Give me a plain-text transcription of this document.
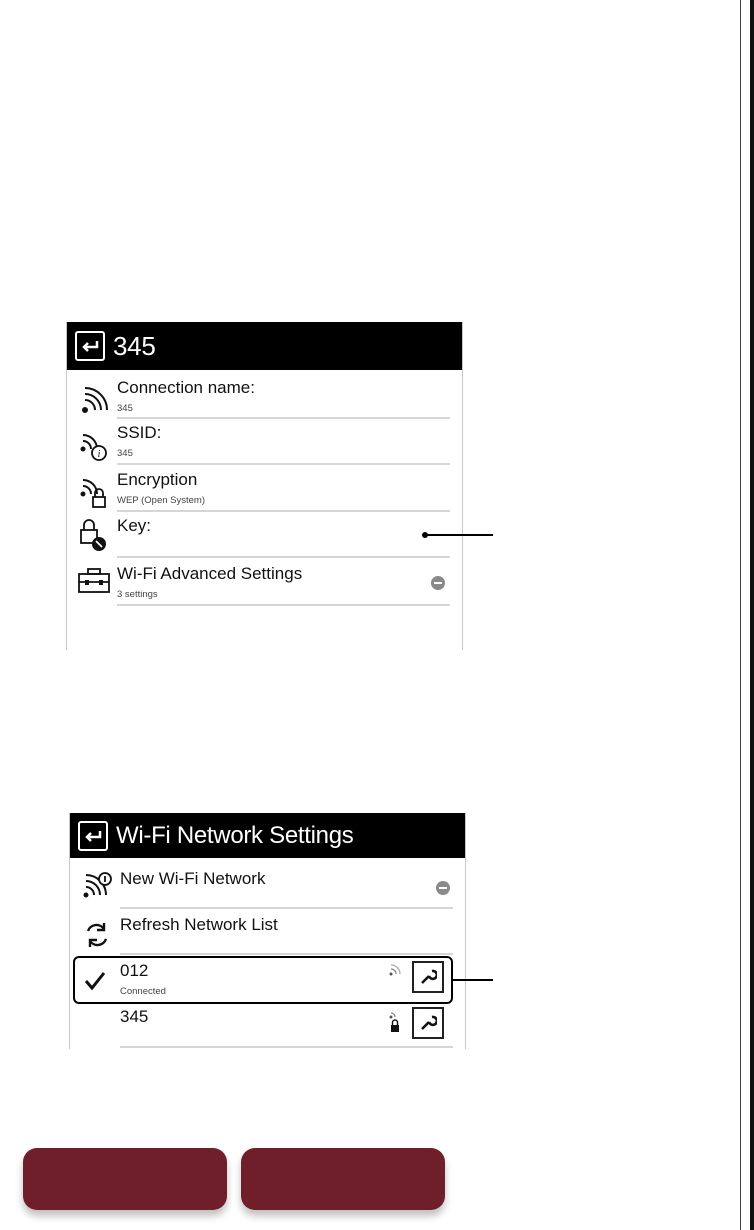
345
Connection name:
345
i
SSID:
345
Encryption
WEP (Open System)
Key:
Wi-Fi Advanced Settings
3 settings
Wi-Fi Network Settings
New Wi-Fi Network
Refresh Network List
012
Connected
345
